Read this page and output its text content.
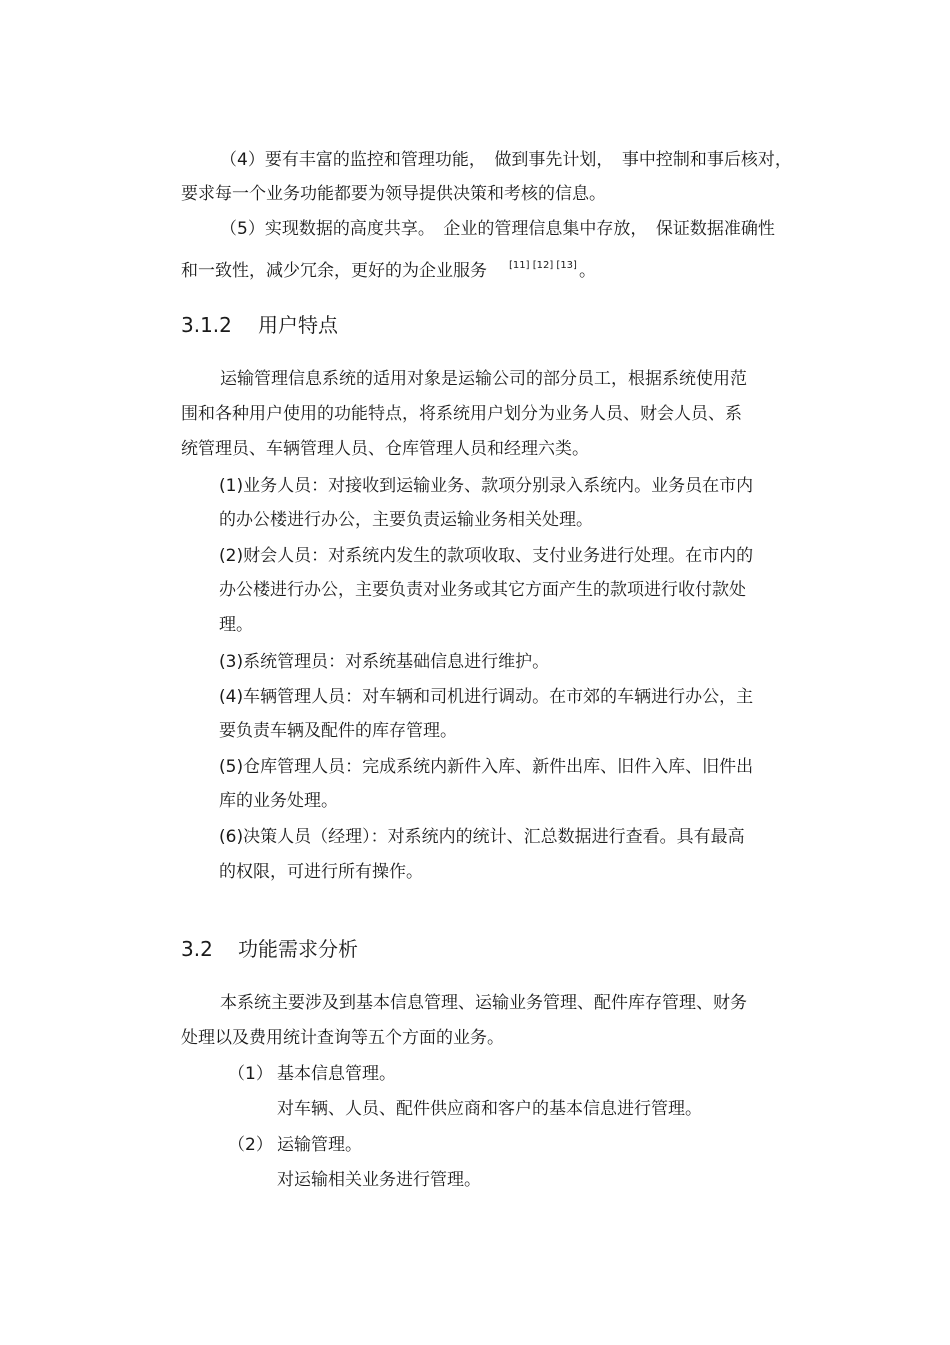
（4）要有丰富的监控和管理功能，　做到事先计划，　事中控制和事后核对，
要求每一个业务功能都要为领导提供决策和考核的信息。
（5）实现数据的高度共享。　企业的管理信息集中存放，　保证数据准确性
和一致性，减少冗余，更好的为企业服务 [11] [12] [13] 。
3.1.2 用户特点
运输管理信息系统的适用对象是运输公司的部分员工，根据系统使用范
围和各种用户使用的功能特点，将系统用户划分为业务人员、财会人员、系
统管理员、车辆管理人员、仓库管理人员和经理六类。
(1)业务人员：对接收到运输业务、款项分别录入系统内。业务员在市内
的办公楼进行办公，主要负责运输业务相关处理。
(2)财会人员：对系统内发生的款项收取、支付业务进行处理。在市内的
办公楼进行办公，主要负责对业务或其它方面产生的款项进行收付款处
理。
(3)系统管理员：对系统基础信息进行维护。
(4)车辆管理人员：对车辆和司机进行调动。在市郊的车辆进行办公，主
要负责车辆及配件的库存管理。
(5)仓库管理人员：完成系统内新件入库、新件出库、旧件入库、旧件出
库的业务处理。
(6)决策人员（经理）：对系统内的统计、汇总数据进行查看。具有最高
的权限，可进行所有操作。
3.2 功能需求分析
本系统主要涉及到基本信息管理、运输业务管理、配件库存管理、财务
处理以及费用统计查询等五个方面的业务。
（1） 基本信息管理。
对车辆、人员、配件供应商和客户的基本信息进行管理。
（2） 运输管理。
对运输相关业务进行管理。
